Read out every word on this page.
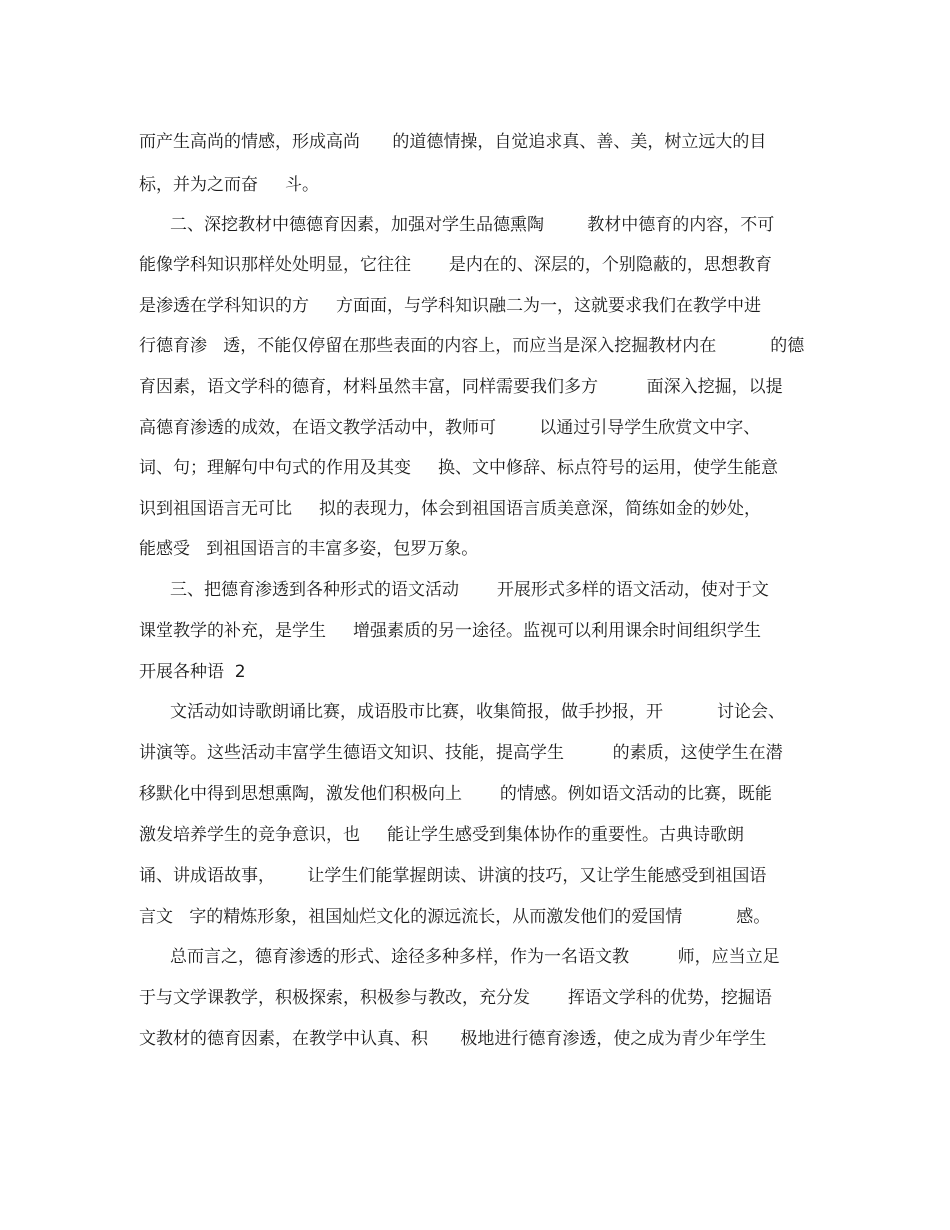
而产生高尚的情感，形成高尚      的道德情操，自觉追求真、善、美，树立远大的目
标，并为之而奋     斗。
二、深挖教材中德德育因素，加强对学生品德熏陶        教材中德育的内容，不可
能像学科知识那样处处明显，它往往       是内在的、深层的，个别隐蔽的，思想教育
是渗透在学科知识的方     方面面，与学科知识融二为一，这就要求我们在教学中进
行德育渗   透，不能仅停留在那些表面的内容上，而应当是深入挖掘教材内在          的德
育因素，语文学科的德育，材料虽然丰富，同样需要我们多方         面深入挖掘，以提
高德育渗透的成效，在语文教学活动中，教师可        以通过引导学生欣赏文中字、
词、句；理解句中句式的作用及其变     换、文中修辞、标点符号的运用，使学生能意
识到祖国语言无可比     拟的表现力，体会到祖国语言质美意深，简练如金的妙处，
能感受   到祖国语言的丰富多姿，包罗万象。
三、把德育渗透到各种形式的语文活动       开展形式多样的语文活动，使对于文
课堂教学的补充，是学生     增强素质的另一途径。监视可以利用课余时间组织学生
开展各种语  2
文活动如诗歌朗诵比赛，成语股市比赛，收集简报，做手抄报，开          讨论会、
讲演等。这些活动丰富学生德语文知识、技能，提高学生         的素质，这使学生在潜
移默化中得到思想熏陶，激发他们积极向上       的情感。例如语文活动的比赛，既能
激发培养学生的竞争意识，也     能让学生感受到集体协作的重要性。古典诗歌朗
诵、讲成语故事，      让学生们能掌握朗读、讲演的技巧，又让学生能感受到祖国语
言文   字的精炼形象，祖国灿烂文化的源远流长，从而激发他们的爱国情          感。
总而言之，德育渗透的形式、途径多种多样，作为一名语文教         师，应当立足
于与文学课教学，积极探索，积极参与教改，充分发       挥语文学科的优势，挖掘语
文教材的德育因素，在教学中认真、积      极地进行德育渗透，使之成为青少年学生
